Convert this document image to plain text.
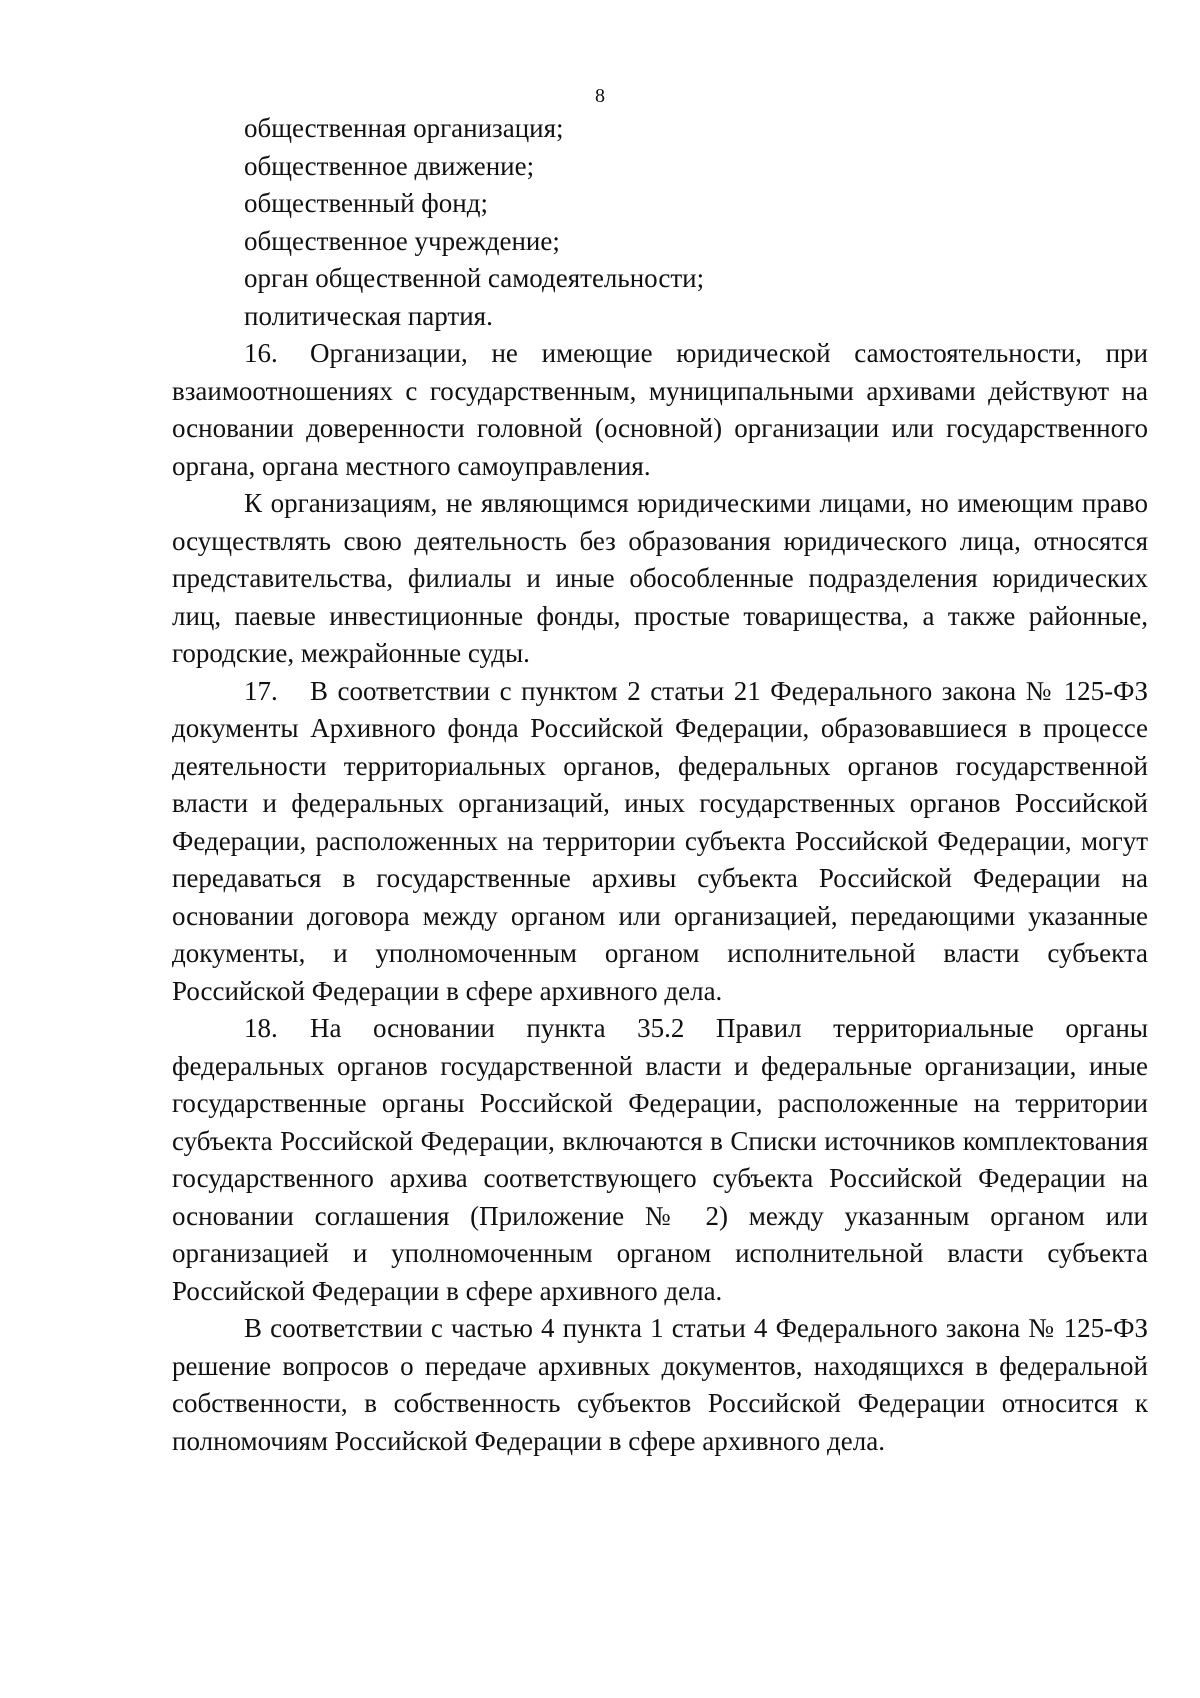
8

общественная организация;

общественное движение;

общественный фонд;

общественное учреждение;

орган общественной самодеятельности;

политическая партия.

16. Организации, не имеющие юридической самостоятельности, при взаимоотношениях с государственным, муниципальными архивами действуют на основании доверенности головной (основной) организации или государственного органа, органа местного самоуправления.

К организациям, не являющимся юридическими лицами, но имеющим право осуществлять свою деятельность без образования юридического лица, относятся представительства, филиалы и иные обособленные подразделения юридических лиц, паевые инвестиционные фонды, простые товарищества, а также районные, городские, межрайонные суды.

17. В соответствии с пунктом 2 статьи 21 Федерального закона № 125-ФЗ документы Архивного фонда Российской Федерации, образовавшиеся в процессе деятельности территориальных органов, федеральных органов государственной власти и федеральных организаций, иных государственных органов Российской Федерации, расположенных на территории субъекта Российской Федерации, могут передаваться в государственные архивы субъекта Российской Федерации на основании договора между органом или организацией, передающими указанные документы, и уполномоченным органом исполнительной власти субъекта Российской Федерации в сфере архивного дела.

18. На основании пункта 35.2 Правил территориальные органы федеральных органов государственной власти и федеральные организации, иные государственные органы Российской Федерации, расположенные на территории субъекта Российской Федерации, включаются в Списки источников комплектования государственного архива соответствующего субъекта Российской Федерации на основании соглашения (Приложение № 2) между указанным органом или организацией и уполномоченным органом исполнительной власти субъекта Российской Федерации в сфере архивного дела.

В соответствии с частью 4 пункта 1 статьи 4 Федерального закона № 125-ФЗ решение вопросов о передаче архивных документов, находящихся в федеральной собственности, в собственность субъектов Российской Федерации относится к полномочиям Российской Федерации в сфере архивного дела.
